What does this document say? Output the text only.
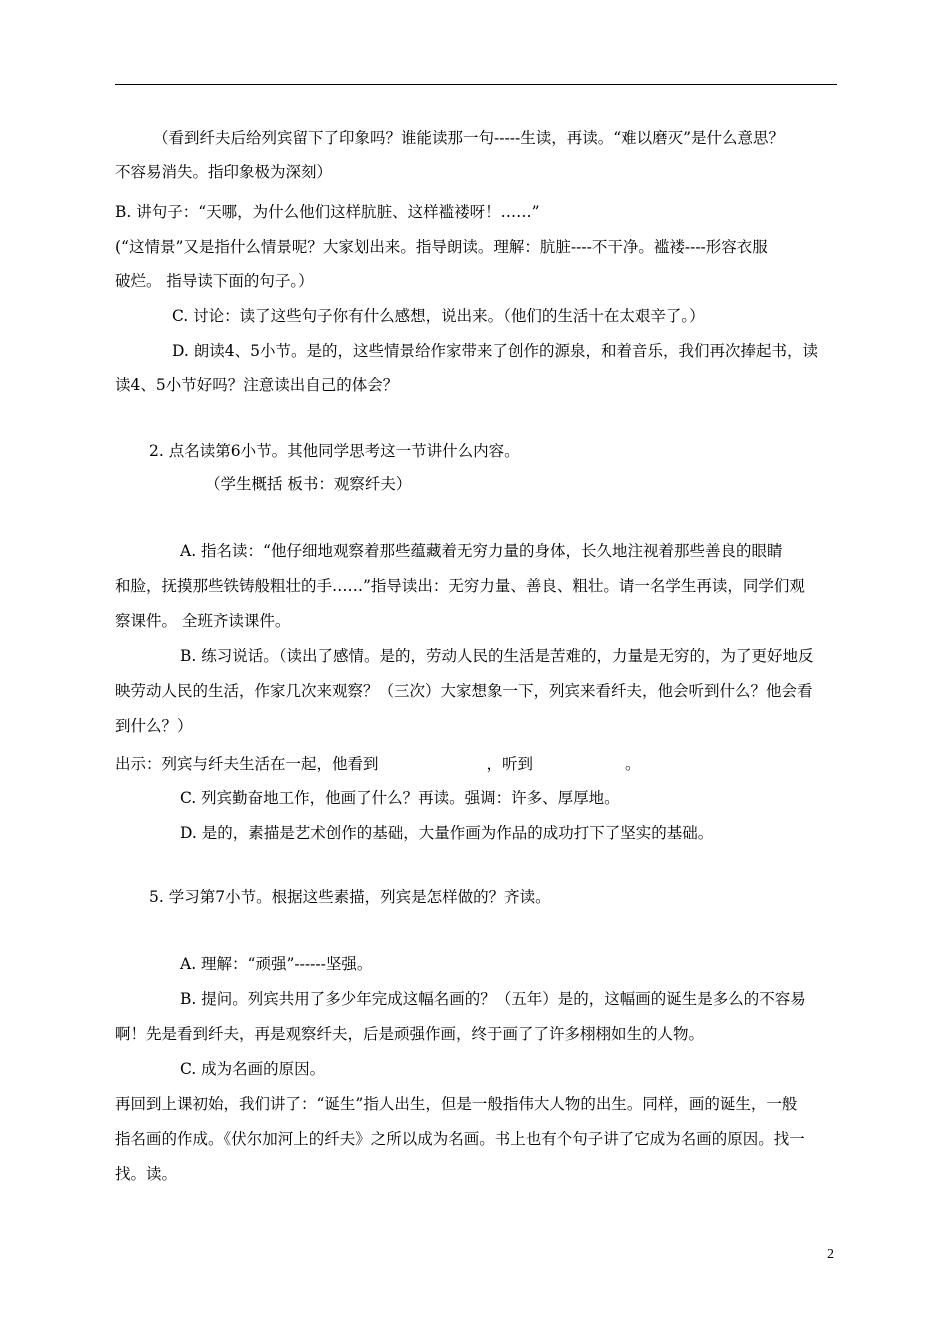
（看到纤夫后给列宾留下了印象吗？谁能读那一句-----生读，再读。“难以磨灭”是什么意思？

不容易消失。指印象极为深刻）

B. 讲句子：“天哪，为什么他们这样肮脏、这样褴褛呀！……”

(“这情景”又是指什么情景呢？大家划出来。指导朗读。理解：肮脏----不干净。褴褛----形容衣服

破烂。 指导读下面的句子。）

C. 讨论：读了这些句子你有什么感想，说出来。（他们的生活十在太艰辛了。）

D. 朗读4、5小节。是的，这些情景给作家带来了创作的源泉，和着音乐，我们再次捧起书，读

读4、5小节好吗？注意读出自己的体会？

2. 点名读第6小节。其他同学思考这一节讲什么内容。

（学生概括 板书：观察纤夫）

A. 指名读：“他仔细地观察着那些蕴藏着无穷力量的身体，长久地注视着那些善良的眼睛

和脸，抚摸那些铁铸般粗壮的手……”指导读出：无穷力量、善良、粗壮。请一名学生再读，同学们观

察课件。 全班齐读课件。

B. 练习说话。（读出了感情。是的，劳动人民的生活是苦难的，力量是无穷的，为了更好地反

映劳动人民的生活，作家几次来观察？（三次）大家想象一下，列宾来看纤夫，他会听到什么？他会看

到什么？）

出示：列宾与纤夫生活在一起，他看到	，听到	。

C. 列宾勤奋地工作，他画了什么？再读。强调：许多、厚厚地。

D. 是的，素描是艺术创作的基础，大量作画为作品的成功打下了坚实的基础。

5. 学习第7小节。根据这些素描，列宾是怎样做的？齐读。

A. 理解：“顽强”------坚强。

B. 提问。列宾共用了多少年完成这幅名画的？（五年）是的，这幅画的诞生是多么的不容易

啊！先是看到纤夫，再是观察纤夫，后是顽强作画，终于画了了许多栩栩如生的人物。

C. 成为名画的原因。

再回到上课初始，我们讲了：“诞生”指人出生，但是一般指伟大人物的出生。同样，画的诞生，一般

指名画的作成。《伏尔加河上的纤夫》之所以成为名画。书上也有个句子讲了它成为名画的原因。找一

找。读。

2
